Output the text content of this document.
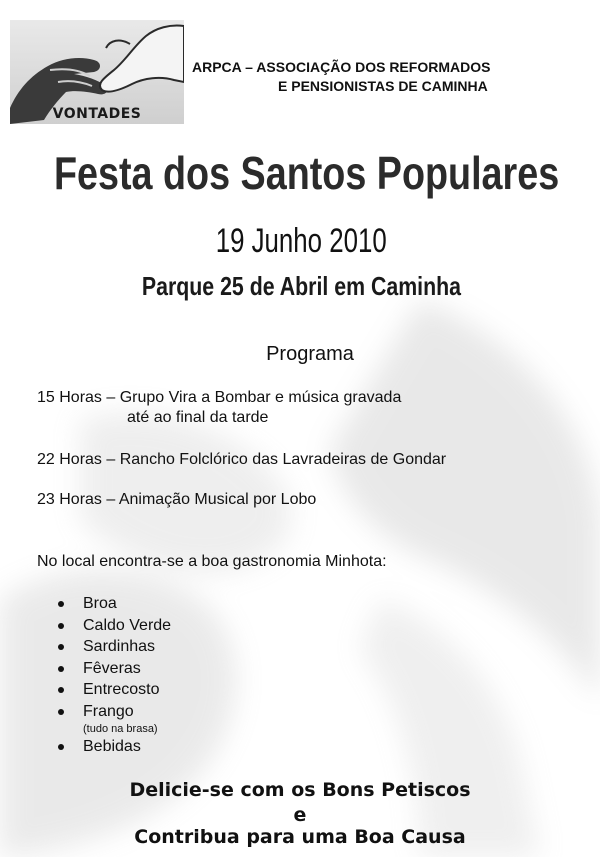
VONTADES
ARPCA – ASSOCIAÇÃO DOS REFORMADOS
E PENSIONISTAS DE CAMINHA
Festa dos Santos Populares
19 Junho 2010
Parque 25 de Abril em Caminha
Programa
15 Horas – Grupo Vira a Bombar e música gravada
até ao final da tarde
22 Horas – Rancho Folclórico das Lavradeiras de Gondar
23 Horas – Animação Musical por Lobo
No local encontra-se a boa gastronomia Minhota:
Broa
Caldo Verde
Sardinhas
Fêveras
Entrecosto
Frango
(tudo na brasa)
Bebidas
Delicie-se com os Bons Petiscos
e
Contribua para uma Boa Causa
